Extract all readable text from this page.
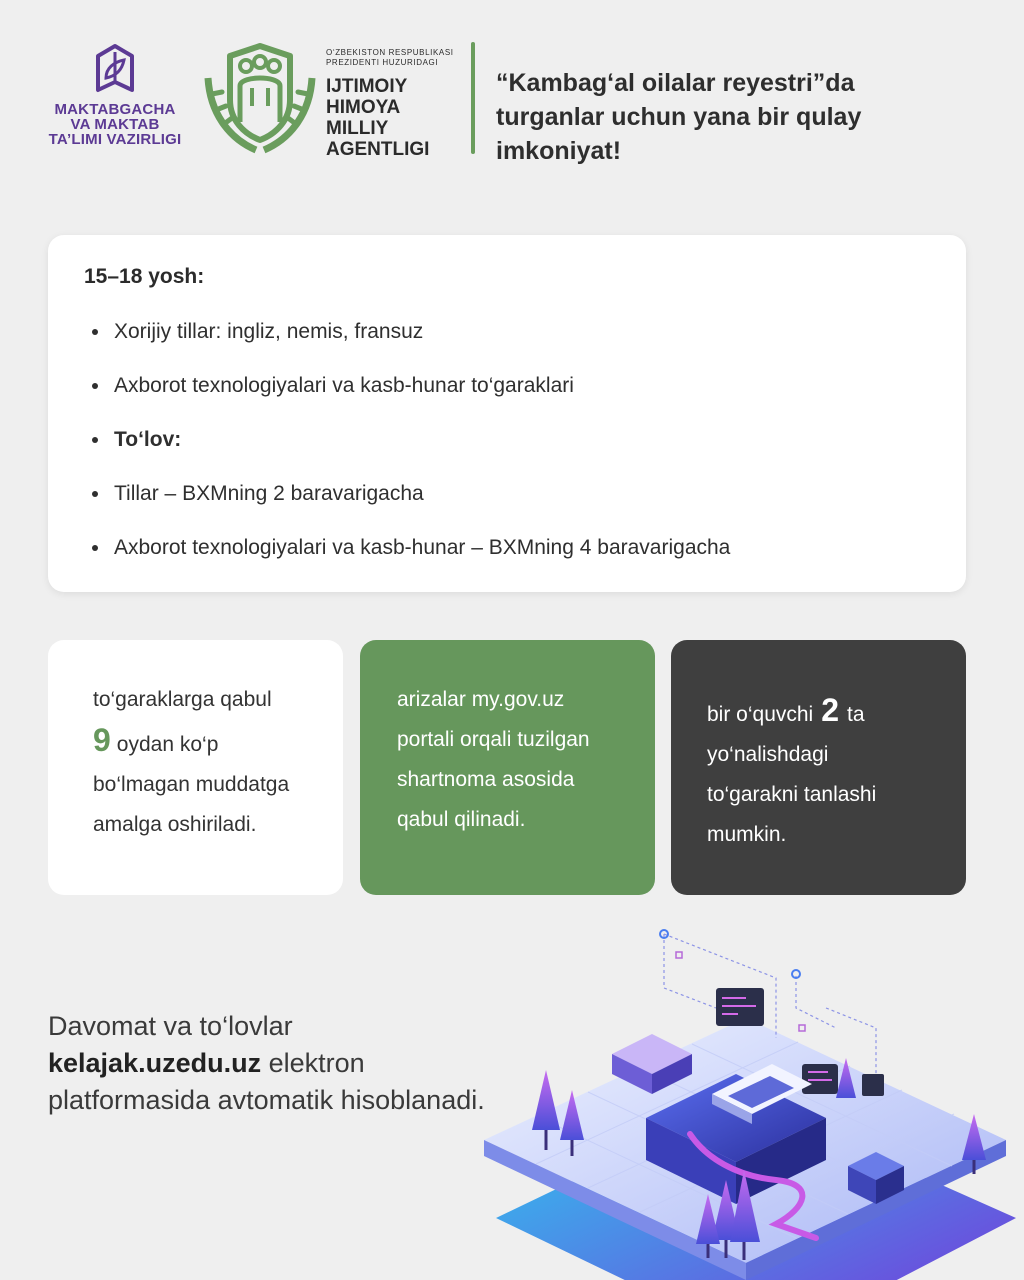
MAKTABGACHA
VA MAKTAB
TA’LIMI VAZIRLIGI
O‘ZBEKISTON RESPUBLIKASI
PREZIDENTI HUZURIDAGI
IJTIMOIY
HIMOYA
MILLIY
AGENTLIGI
“Kambag‘al oilalar reyestri”da turganlar uchun yana bir qulay imkoniyat!
15–18 yosh:
Xorijiy tillar: ingliz, nemis, fransuz
Axborot texnologiyalari va kasb-hunar to‘garaklari
To‘lov:
Tillar – BXMning 2 baravarigacha
Axborot texnologiyalari va kasb-hunar – BXMning 4 baravarigacha
to‘garaklarga qabul
9 oydan ko‘p
bo‘lmagan muddatga
amalga oshiriladi.
arizalar my.gov.uz
portali orqali tuzilgan
shartnoma asosida
qabul qilinadi.
bir o‘quvchi 2 ta
yo‘nalishdagi
to‘garakni tanlashi
mumkin.
Davomat va to‘lovlar
kelajak.uzedu.uz elektron
platformasida avtomatik hisoblanadi.
